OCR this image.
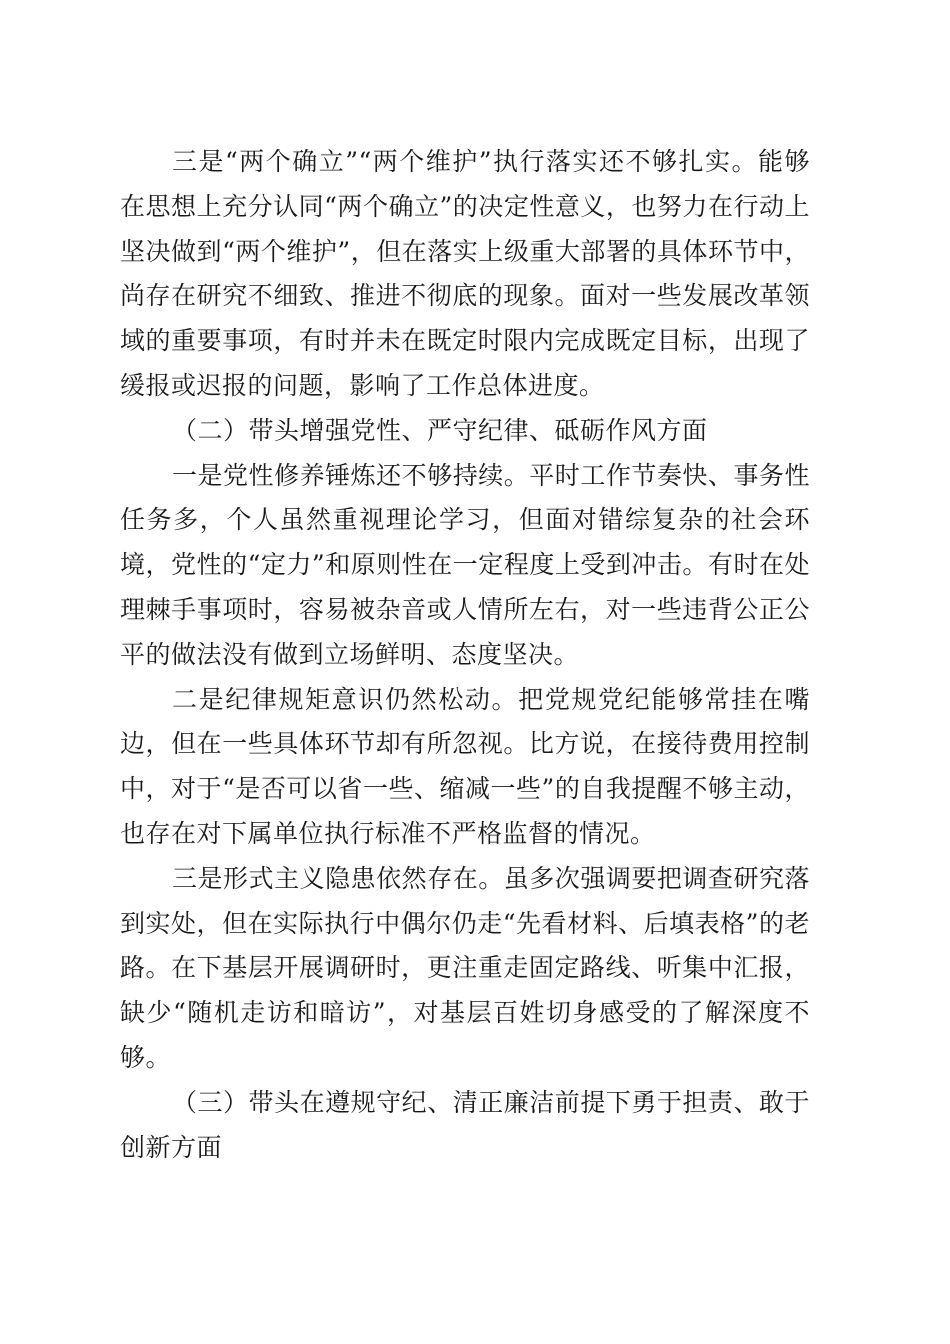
三是“两个确立”“两个维护”执行落实还不够扎实。能够在思想上充分认同“两个确立”的决定性意义，也努力在行动上坚决做到“两个维护”，但在落实上级重大部署的具体环节中，尚存在研究不细致、推进不彻底的现象。面对一些发展改革领域的重要事项，有时并未在既定时限内完成既定目标，出现了缓报或迟报的问题，影响了工作总体进度。

（二）带头增强党性、严守纪律、砥砺作风方面

一是党性修养锤炼还不够持续。平时工作节奏快、事务性任务多，个人虽然重视理论学习，但面对错综复杂的社会环境，党性的“定力”和原则性在一定程度上受到冲击。有时在处理棘手事项时，容易被杂音或人情所左右，对一些违背公正公平的做法没有做到立场鲜明、态度坚决。

二是纪律规矩意识仍然松动。把党规党纪能够常挂在嘴边，但在一些具体环节却有所忽视。比方说，在接待费用控制中，对于“是否可以省一些、缩减一些”的自我提醒不够主动，也存在对下属单位执行标准不严格监督的情况。

三是形式主义隐患依然存在。虽多次强调要把调查研究落到实处，但在实际执行中偶尔仍走“先看材料、后填表格”的老路。在下基层开展调研时，更注重走固定路线、听集中汇报，缺少“随机走访和暗访”，对基层百姓切身感受的了解深度不够。

（三）带头在遵规守纪、清正廉洁前提下勇于担责、敢于创新方面
